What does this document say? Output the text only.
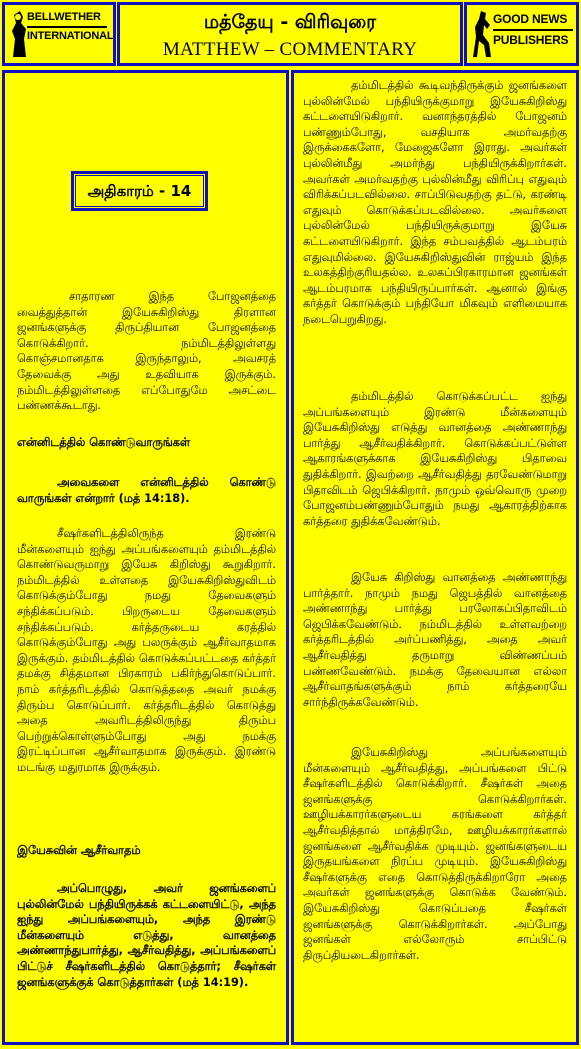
BELLWETHER
INTERNATIONAL
மத்தேயு - விரிவுரை
MATTHEW – COMMENTARY
GOOD NEWS
PUBLISHERS
அதிகாரம் - 14
சாதாரண இந்த போஜனத்தை வைத்துத்தான் இயேசுகிறிஸ்து திரளான ஜனங்களுக்கு திருப்தியான போஜனத்தை கொடுக்கிறார். நம்மிடத்திலுள்ளது கொஞ்சமானதாக இருந்தாலும், அவசரத் தேவைக்கு அது உதவியாக இருக்கும். நம்மிடத்திலுள்ளதை எப்போதுமே அசட்டை பண்ணக்கூடாது.
என்னிடத்தில் கொண்டுவாருங்கள்
அவைகளை என்னிடத்தில் கொண்டு வாருங்கள் என்றார் (மத் 14:18).
சீஷர்களிடத்திலிருந்த இரண்டு மீன்களையும் ஐந்து அப்பங்களையும் தம்மிடத்தில் கொண்டுவருமாறு இயேசு கிறிஸ்து கூறுகிறார். நம்மிடத்தில் உள்ளதை இயேசுகிறிஸ்துவிடம் கொடுக்கும்போது நமது தேவைகளும் சந்திக்கப்படும். பிறருடைய தேவைகளும் சந்திக்கப்படும். கர்த்தருடைய கரத்தில் கொடுக்கும்போது அது பலருக்கும் ஆசீர்வாதமாக இருக்கும். தம்மிடத்தில் கொடுக்கப்பட்டதை கர்த்தர் தமக்கு சித்தமான பிரகாரம் பகிர்ந்துகொடுப்பார். நாம் கர்த்தரிடத்தில் கொடுத்ததை அவர் நமக்கு திரும்ப கொடுப்பார். கர்த்தரிடத்தில் கொடுத்து அதை அவரிடத்திலிருந்து திரும்ப பெற்றுக்கொள்ளும்போது அது நமக்கு இரட்டிப்பான ஆசீர்வாதமாக இருக்கும். இரண்டு மடங்கு மதுரமாக இருக்கும்.
இயேசுவின் ஆசீர்வாதம்
அப்பொழுது, அவர் ஜனங்களைப் புல்லின்மேல் பந்தியிருக்கக் கட்டளையிட்டு, அந்த ஐந்து அப்பங்களையும், அந்த இரண்டு மீன்களையும் எடுத்து, வானத்தை அண்ணாந்துபார்த்து, ஆசீர்வதித்து, அப்பங்களைப் பிட்டுச் சீஷர்களிடத்தில் கொடுத்தார்; சீஷர்கள் ஜனங்களுக்குக் கொடுத்தார்கள் (மத் 14:19).
தம்மிடத்தில் கூடிவந்திருக்கும் ஜனங்களை புல்லின்மேல் பந்தியிருக்குமாறு இயேசுகிறிஸ்து கட்டளையிடுகிறார். வனாந்தரத்தில் போஜனம் பண்ணும்போது, வசதியாக அமர்வதற்கு இருக்கைகளோ, மேஜைகளோ இராது. அவர்கள் புல்லின்மீது அமர்ந்து பந்தியிருக்கிறார்கள். அவர்கள் அமர்வதற்கு புல்லின்மீது விரிப்பு எதுவும் விரிக்கப்படவில்லை. சாப்பிடுவதற்கு தட்டு, கரண்டி எதுவும் கொடுக்கப்படவில்லை. அவர்களை புல்லின்மேல் பந்தியிருக்குமாறு இயேசு கட்டளையிடுகிறார். இந்த சம்பவத்தில் ஆடம்பரம் எதுவுமில்லை. இயேசுகிறிஸ்துவின் ராஜ்யம் இந்த உலகத்திற்குரியதல்ல. உலகப்பிரகாரமான ஜனங்கள் ஆடம்பரமாக பந்தியிருப்பார்கள். ஆனால் இங்கு கர்த்தர் கொடுக்கும் பந்தியோ மிகவும் எளிமையாக நடைபெறுகிறது.
தம்மிடத்தில் கொடுக்கப்பட்ட ஐந்து அப்பங்களையும் இரண்டு மீன்களையும் இயேசுகிறிஸ்து எடுத்து வானத்தை அண்ணாந்து பார்த்து ஆசீர்வதிக்கிறார். கொடுக்கப்பட்டுள்ள ஆகாரங்களுக்காக இயேசுகிறிஸ்து பிதாவை துதிக்கிறார். இவற்றை ஆசீர்வதித்து தரவேண்டுமாறு பிதாவிடம் ஜெபிக்கிறார். நாமும் ஒவ்வொரு முறை போஜனம்பண்ணும்போதும் நமது ஆகாரத்திற்காக கர்த்தரை துதிக்கவேண்டும்.
இயேசு கிறிஸ்து வானத்தை அண்ணாந்து பார்த்தார். நாமும் நமது ஜெபத்தில் வானத்தை அண்ணாந்து பார்த்து பரலோகப்பிதாவிடம் ஜெபிக்கவேண்டும். நம்மிடத்தில் உள்ளவற்றை கர்த்தரிடத்தில் அர்ப்பணித்து, அதை அவர் ஆசீர்வதித்து தருமாறு விண்ணப்பம் பண்ணவேண்டும். நமக்கு தேவையான எல்லா ஆசீர்வாதங்களுக்கும் நாம் கர்த்தரையே சார்ந்திருக்கவேண்டும்.
இயேசுகிறிஸ்து அப்பங்களையும் மீன்களையும் ஆசீர்வதித்து, அப்பங்களை பிட்டு சீஷர்களிடத்தில் கொடுக்கிறார். சீஷர்கள் அதை ஜனங்களுக்கு கொடுக்கிறார்கள். ஊழியக்காரர்களுடைய கரங்களை கர்த்தர் ஆசீர்வதித்தால் மாத்திரமே, ஊழியக்காரர்களால் ஜனங்களை ஆசீர்வதிக்க முடியும். ஜனங்களுடைய இருதயங்களை நிரப்ப முடியும். இயேசுகிறிஸ்து சீஷர்களுக்கு எதை கொடுத்திருக்கிறாரோ அதை அவர்கள் ஜனங்களுக்கு கொடுக்க வேண்டும். இயேசுகிறிஸ்து கொடுப்பதை சீஷர்கள் ஜனங்களுக்கு கொடுக்கிறார்கள். அப்போது ஜனங்கள் எல்லோரும் சாப்பிட்டு திருப்தியடைகிறார்கள்.
